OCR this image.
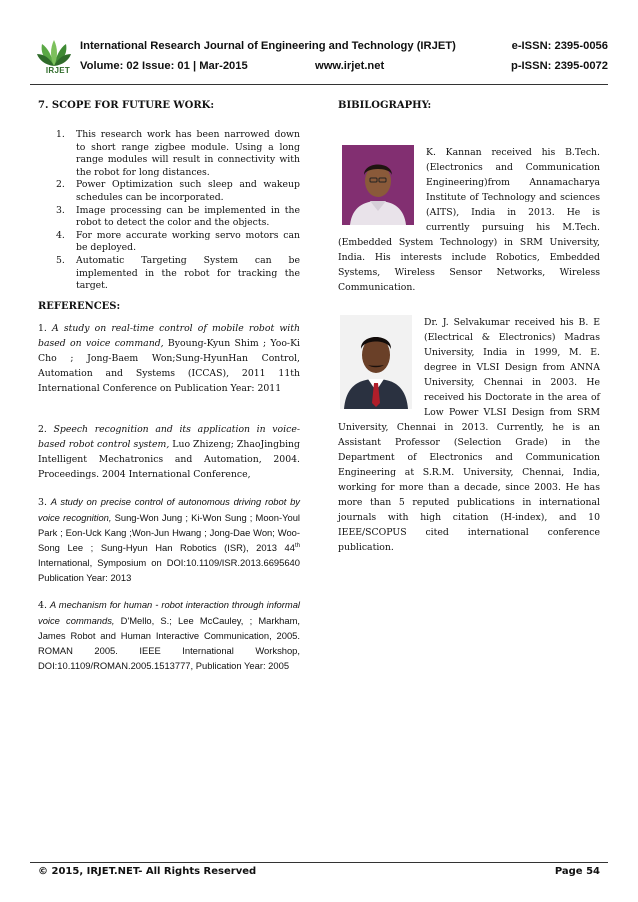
IRJET
International Research Journal of Engineering and Technology (IRJET)	e-ISSN: 2395-0056
Volume: 02 Issue: 01 | Mar-2015	www.irjet.net	p-ISSN: 2395-0072
7. SCOPE FOR FUTURE WORK:
1. This research work has been narrowed down to short range zigbee module. Using a long range modules will result in connectivity with the robot for long distances.
2. Power Optimization such sleep and wakeup schedules can be incorporated.
3. Image processing can be implemented in the robot to detect the color and the objects.
4. For more accurate working servo motors can be deployed.
5. Automatic Targeting System can be implemented in the robot for tracking the target.
REFERENCES:

1. A study on real-time control of mobile robot with based on voice command, Byoung-Kyun Shim ; Yoo-Ki Cho ; Jong-Baem Won;Sung-HyunHan Control, Automation and Systems (ICCAS), 2011 11th International Conference on Publication Year: 2011

2. Speech recognition and its application in voice-based robot control system, Luo Zhizeng; ZhaoJingbing Intelligent Mechatronics and Automation, 2004. Proceedings. 2004 International Conference,

3. A study on precise control of autonomous driving robot by voice recognition, Sung-Won Jung ; Ki-Won Sung ; Moon-Youl Park ; Eon-Uck Kang ;Won-Jun Hwang ; Jong-Dae Won; Woo-Song Lee ; Sung-Hyun Han Robotics (ISR), 2013 44th International, Symposium on DOI:10.1109/ISR.2013.6695640 Publication Year: 2013

4. A mechanism for human - robot interaction through informal voice commands, D'Mello, S.; Lee McCauley, ; Markham, James Robot and Human Interactive Communication, 2005. ROMAN 2005. IEEE International Workshop, DOI:10.1109/ROMAN.2005.1513777, Publication Year: 2005

BIBILOGRAPHY:
K. Kannan received his B.Tech.(Electronics and Communication Engineering)from Annamacharya Institute of Technology and sciences (AITS), India in 2013. He is currently pursuing his M.Tech. (Embedded System Technology) in SRM University, India. His interests include Robotics, Embedded Systems, Wireless Sensor Networks, Wireless Communication.
Dr. J. Selvakumar received his B. E (Electrical & Electronics) Madras University, India in 1999, M. E. degree in VLSI Design from ANNA University, Chennai in 2003. He received his Doctorate in the area of Low Power VLSI Design from SRM University, Chennai in 2013. Currently, he is an Assistant Professor (Selection Grade) in the Department of Electronics and Communication Engineering at S.R.M. University, Chennai, India, working for more than a decade, since 2003. He has more than 5 reputed publications in international journals with high citation (H-index), and 10 IEEE/SCOPUS cited international conference publication.
© 2015, IRJET.NET- All Rights Reserved	Page 54
